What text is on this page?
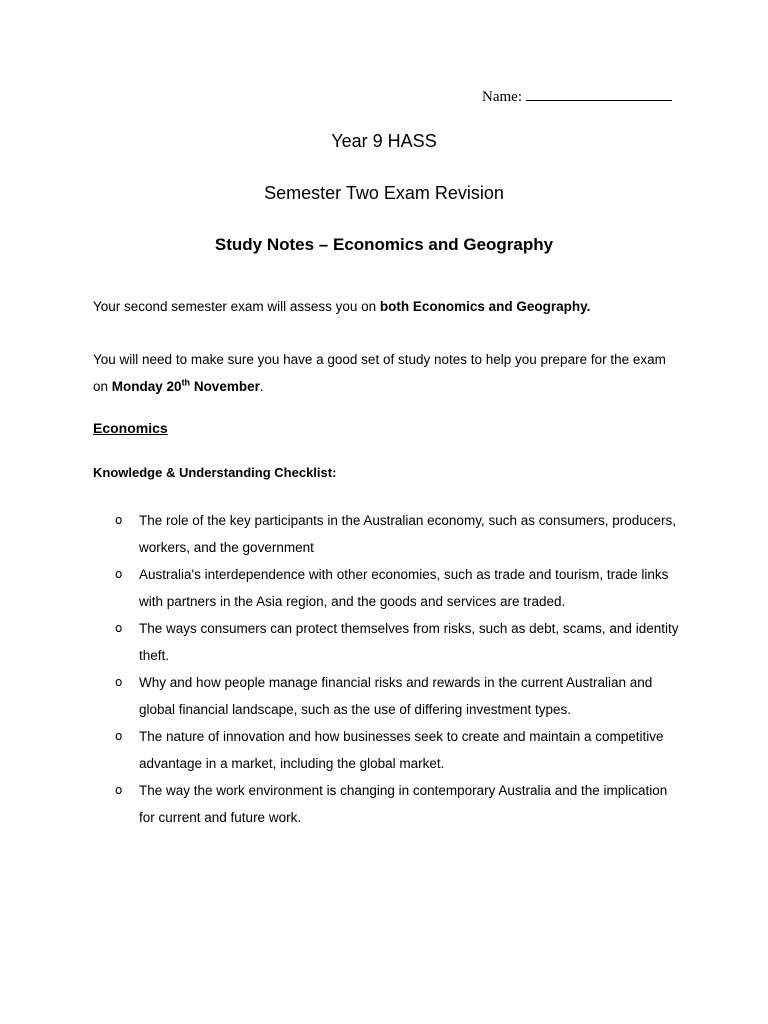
Name:
Year 9 HASS
Semester Two Exam Revision
Study Notes – Economics and Geography
Your second semester exam will assess you on both Economics and Geography.
You will need to make sure you have a good set of study notes to help you prepare for the exam on Monday 20th November.
Economics
Knowledge & Understanding Checklist:
o The role of the key participants in the Australian economy, such as consumers, producers, workers, and the government
o Australia's interdependence with other economies, such as trade and tourism, trade links with partners in the Asia region, and the goods and services are traded.
o The ways consumers can protect themselves from risks, such as debt, scams, and identity theft.
o Why and how people manage financial risks and rewards in the current Australian and global financial landscape, such as the use of differing investment types.
o The nature of innovation and how businesses seek to create and maintain a competitive advantage in a market, including the global market.
o The way the work environment is changing in contemporary Australia and the implication for current and future work.
